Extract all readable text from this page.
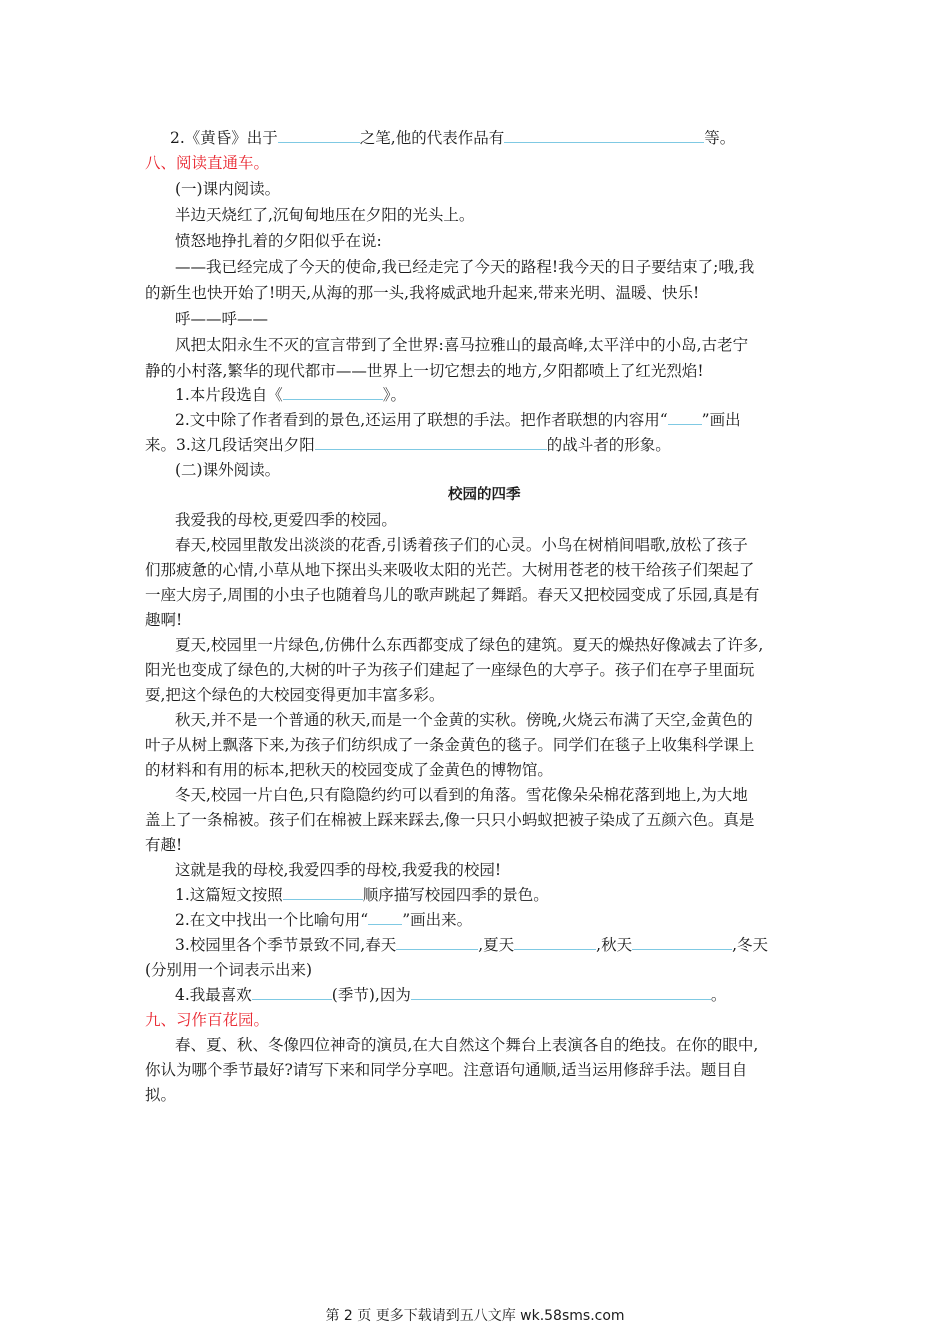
2.《黄昏》出于	之笔,他的代表作品有	等。
八、阅读直通车。
(一)课内阅读。
半边天烧红了,沉甸甸地压在夕阳的光头上。
愤怒地挣扎着的夕阳似乎在说:
——我已经完成了今天的使命,我已经走完了今天的路程!我今天的日子要结束了;哦,我
的新生也快开始了!明天,从海的那一头,我将威武地升起来,带来光明、温暖、快乐!
呼——呼——
风把太阳永生不灭的宣言带到了全世界:喜马拉雅山的最高峰,太平洋中的小岛,古老宁
静的小村落,繁华的现代都市——世界上一切它想去的地方,夕阳都喷上了红光烈焰!
1.本片段选自《	》。
2.文中除了作者看到的景色,还运用了联想的手法。把作者联想的内容用“ ”画出
来。3.这几段话突出夕阳	的战斗者的形象。
(二)课外阅读。
校园的四季
我爱我的母校,更爱四季的校园。
春天,校园里散发出淡淡的花香,引诱着孩子们的心灵。小鸟在树梢间唱歌,放松了孩子
们那疲惫的心情,小草从地下探出头来吸收太阳的光芒。大树用苍老的枝干给孩子们架起了
一座大房子,周围的小虫子也随着鸟儿的歌声跳起了舞蹈。春天又把校园变成了乐园,真是有
趣啊!
夏天,校园里一片绿色,仿佛什么东西都变成了绿色的建筑。夏天的燥热好像减去了许多,
阳光也变成了绿色的,大树的叶子为孩子们建起了一座绿色的大亭子。孩子们在亭子里面玩
耍,把这个绿色的大校园变得更加丰富多彩。
秋天,并不是一个普通的秋天,而是一个金黄的实秋。傍晚,火烧云布满了天空,金黄色的
叶子从树上飘落下来,为孩子们纺织成了一条金黄色的毯子。同学们在毯子上收集科学课上
的材料和有用的标本,把秋天的校园变成了金黄色的博物馆。
冬天,校园一片白色,只有隐隐约约可以看到的角落。雪花像朵朵棉花落到地上,为大地
盖上了一条棉被。孩子们在棉被上踩来踩去,像一只只小蚂蚁把被子染成了五颜六色。真是
有趣!
这就是我的母校,我爱四季的母校,我爱我的校园!
1.这篇短文按照	顺序描写校园四季的景色。
2.在文中找出一个比喻句用“ ”画出来。
3.校园里各个季节景致不同,春天	,夏天	,秋天	,冬天
(分别用一个词表示出来)
4.我最喜欢	(季节),因为	。
九、习作百花园。
春、夏、秋、冬像四位神奇的演员,在大自然这个舞台上表演各自的绝技。在你的眼中,
你认为哪个季节最好?请写下来和同学分享吧。注意语句通顺,适当运用修辞手法。题目自
拟。
第 2 页 更多下载请到五八文库 wk.58sms.com
